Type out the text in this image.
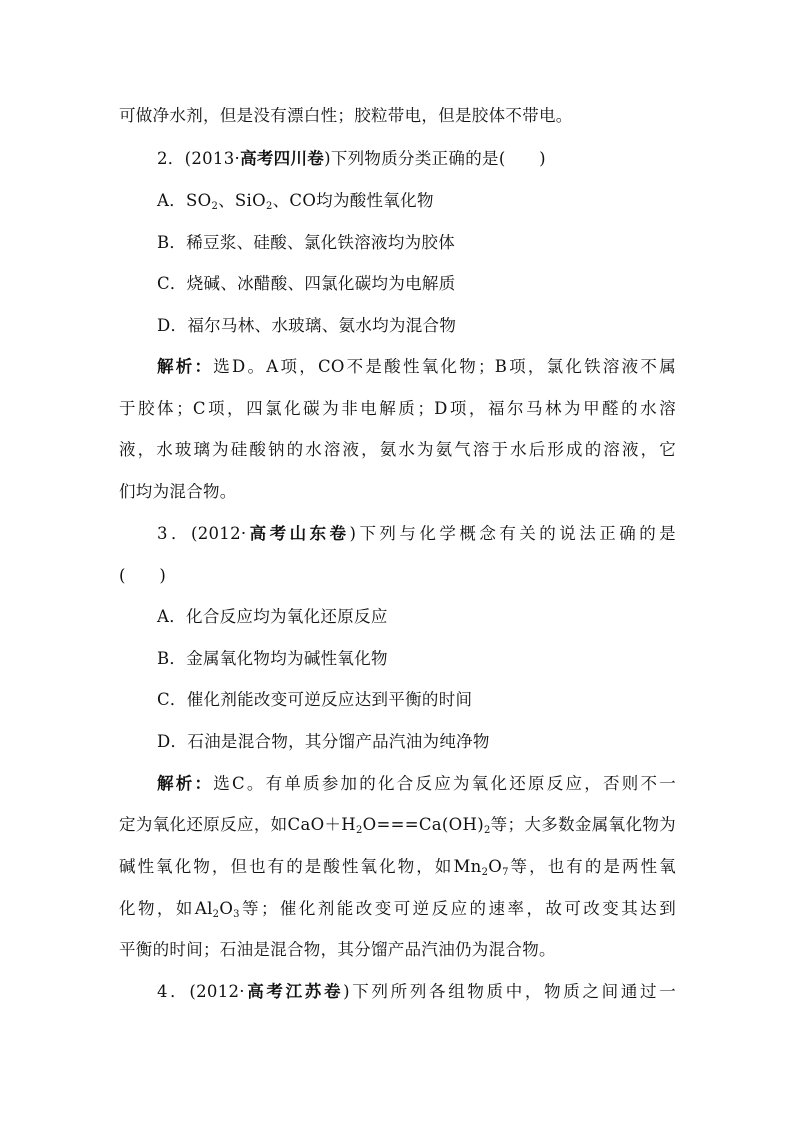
可做净水剂，但是没有漂白性；胶粒带电，但是胶体不带电。
2．(2013·高考四川卷)下列物质分类正确的是(　　)
A．$SO_2$、SiO$_2$、CO均为酸性氧化物
B．稀豆浆、硅酸、氯化铁溶液均为胶体
C．烧碱、冰醋酸、四氯化碳均为电解质
D．福尔马林、水玻璃、氨水均为混合物
解析：选D。A项，CO不是酸性氧化物；B项，氯化铁溶液不属
于胶体；C项，四氯化碳为非电解质；D项，福尔马林为甲醛的水溶
液，水玻璃为硅酸钠的水溶液，氨水为氨气溶于水后形成的溶液，它
们均为混合物。
3．(2012·高考山东卷)下列与化学概念有关的说法正确的是
(　　)
A．化合反应均为氧化还原反应
B．金属氧化物均为碱性氧化物
C．催化剂能改变可逆反应达到平衡的时间
D．石油是混合物，其分馏产品汽油为纯净物
解析：选C。有单质参加的化合反应为氧化还原反应，否则不一
定为氧化还原反应，如$CaO+H_2O===Ca(OH)_2$等；大多数金属氧化物为
碱性氧化物，但也有的是酸性氧化物，如$Mn_2O_7$等，也有的是两性氧
化物，如$Al_2O_3$等；催化剂能改变可逆反应的速率，故可改变其达到
平衡的时间；石油是混合物，其分馏产品汽油仍为混合物。
4．(2012·高考江苏卷)下列所列各组物质中，物质之间通过一
